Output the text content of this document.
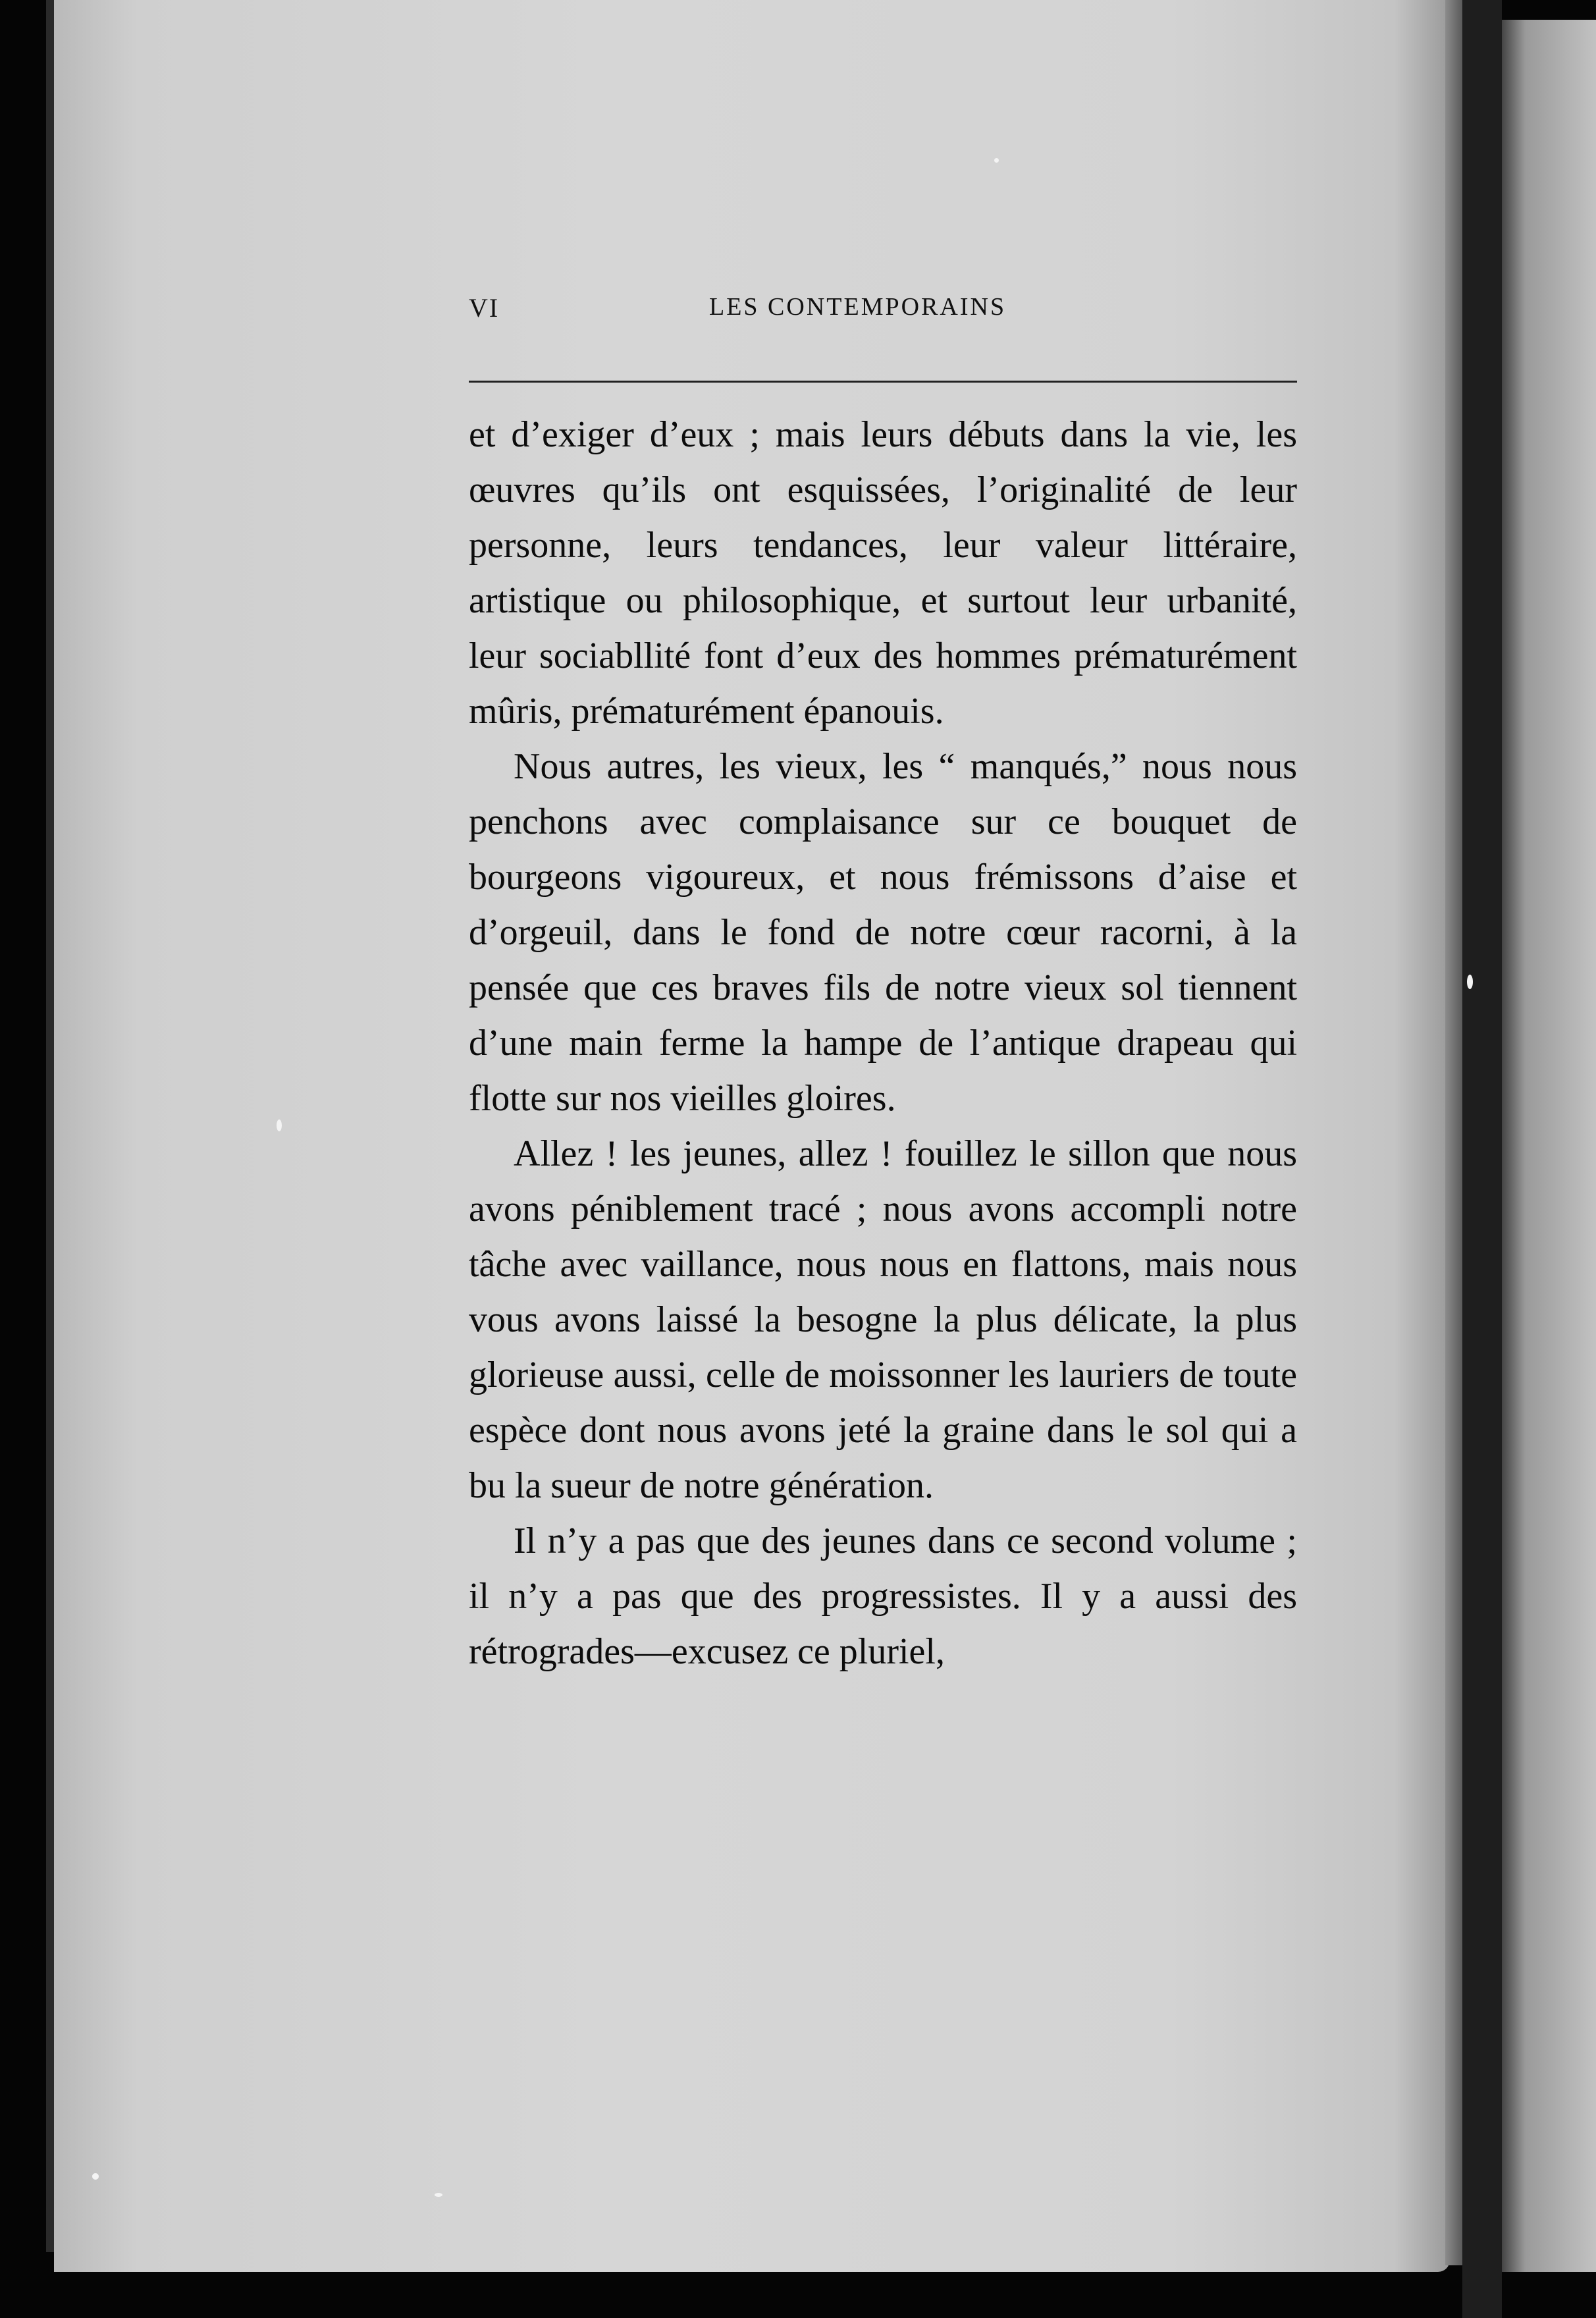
VI	LES CONTEMPORAINS

et d’exiger d’eux ; mais leurs débuts dans la vie, les œuvres qu’ils ont esquissées, l’originalité de leur personne, leurs tendances, leur valeur littéraire, artistique ou philosophique, et surtout leur urbanité, leur sociabllité font d’eux des hommes prématurément mûris, prématurément épanouis.

Nous autres, les vieux, les “ manqués,” nous nous penchons avec complaisance sur ce bouquet de bourgeons vigoureux, et nous frémissons d’aise et d’orgeuil, dans le fond de notre cœur racorni, à la pensée que ces braves fils de notre vieux sol tiennent d’une main ferme la hampe de l’antique drapeau qui flotte sur nos vieilles gloires.

Allez ! les jeunes, allez ! fouillez le sillon que nous avons péniblement tracé ; nous avons accompli notre tâche avec vaillance, nous nous en flattons, mais nous vous avons laissé la besogne la plus délicate, la plus glorieuse aussi, celle de moissonner les lauriers de toute espèce dont nous avons jeté la graine dans le sol qui a bu la sueur de notre génération.

Il n’y a pas que des jeunes dans ce second volume ; il n’y a pas que des progressistes. Il y a aussi des rétrogrades—excusez ce pluriel,
